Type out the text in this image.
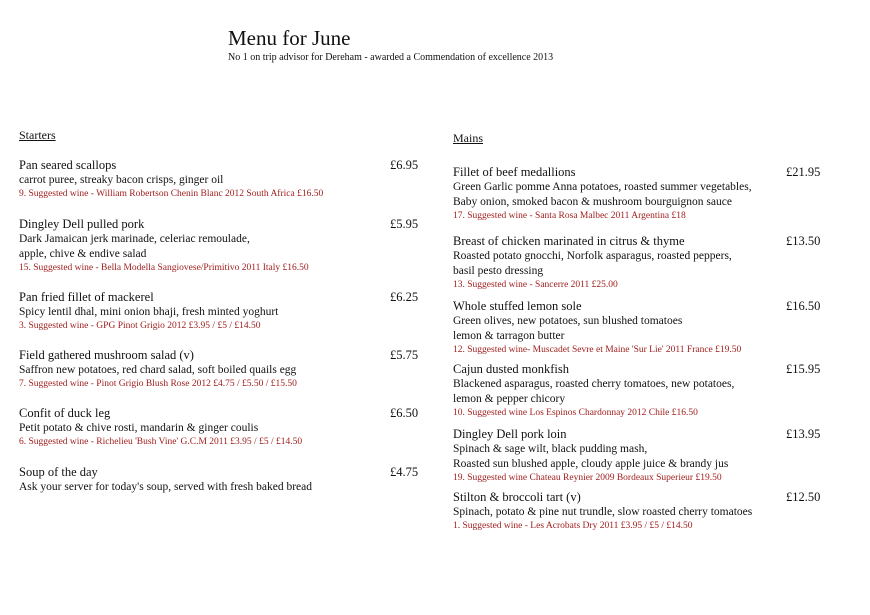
Menu for June
No 1 on trip advisor for Dereham - awarded a Commendation of excellence 2013
Starters	Mains
Pan seared scallops	£6.95
carrot puree, streaky bacon crisps, ginger oil
9. Suggested wine - William Robertson Chenin Blanc 2012 South Africa £16.50
Dingley Dell pulled pork	£5.95
Dark Jamaican jerk marinade, celeriac remoulade,
apple, chive & endive salad
15. Suggested wine - Bella Modella Sangiovese/Primitivo 2011 Italy £16.50
Pan fried fillet of mackerel	£6.25
Spicy lentil dhal, mini onion bhaji, fresh minted yoghurt
3. Suggested wine - GPG Pinot Grigio 2012 £3.95 / £5 / £14.50
Field gathered mushroom salad (v)	£5.75
Saffron new potatoes, red chard salad, soft boiled quails egg
7. Suggested wine - Pinot Grigio Blush Rose 2012 £4.75 / £5.50 / £15.50
Confit of duck leg	£6.50
Petit potato & chive rosti, mandarin & ginger coulis
6. Suggested wine - Richelieu 'Bush Vine' G.C.M 2011 £3.95 / £5 / £14.50
Soup of the day	£4.75
Ask your server for today's soup, served with fresh baked bread
Fillet of beef medallions	£21.95
Green Garlic pomme Anna potatoes, roasted summer vegetables,
Baby onion, smoked bacon & mushroom bourguignon sauce
17. Suggested wine - Santa Rosa Malbec 2011 Argentina £18
Breast of chicken marinated in citrus & thyme	£13.50
Roasted potato gnocchi, Norfolk asparagus, roasted peppers,
basil pesto dressing
13. Suggested wine - Sancerre 2011 £25.00
Whole stuffed lemon sole	£16.50
Green olives, new potatoes, sun blushed tomatoes
lemon & tarragon butter
12. Suggested wine- Muscadet Sevre et Maine 'Sur Lie' 2011 France £19.50
Cajun dusted monkfish	£15.95
Blackened asparagus, roasted cherry tomatoes, new potatoes,
lemon & pepper chicory
10. Suggested wine Los Espinos Chardonnay 2012 Chile £16.50
Dingley Dell pork loin	£13.95
Spinach & sage wilt, black pudding mash,
Roasted sun blushed apple, cloudy apple juice & brandy jus
19. Suggested wine Chateau Reynier 2009 Bordeaux Superieur £19.50
Stilton & broccoli tart (v)	£12.50
Spinach, potato & pine nut trundle, slow roasted cherry tomatoes
1. Suggested wine - Les Acrobats Dry 2011 £3.95 / £5 / £14.50
